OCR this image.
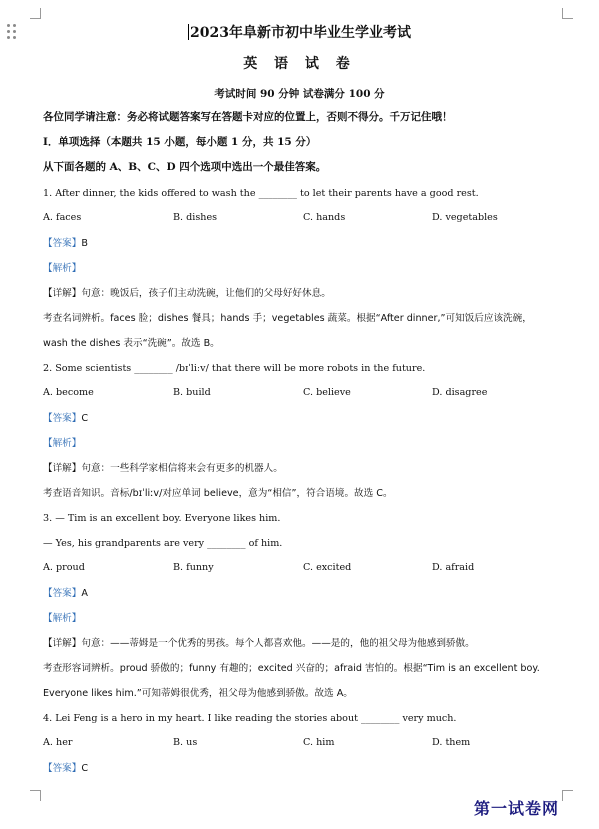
2023年阜新市初中毕业生学业考试
英 语 试 卷
考试时间 90 分钟 试卷满分 100 分
各位同学请注意：务必将试题答案写在答题卡对应的位置上，否则不得分。千万记住哦！
Ⅰ．单项选择（本题共 15 小题，每小题 1 分，共 15 分）
从下面各题的 A、B、C、D 四个选项中选出一个最佳答案。
1. After dinner, the kids offered to wash the ________ to let their parents have a good rest.
A. faces	B. dishes	C. hands	D. vegetables
【答案】B
【解析】
【详解】句意：晚饭后，孩子们主动洗碗，让他们的父母好好休息。
考查名词辨析。faces 脸；dishes 餐具；hands 手；vegetables 蔬菜。根据“After dinner,”可知饭后应该洗碗，
wash the dishes 表示“洗碗”。故选 B。
2. Some scientists ________ /bɪˈliːv/ that there will be more robots in the future.
A. become	B. build	C. believe	D. disagree
【答案】C
【解析】
【详解】句意：一些科学家相信将来会有更多的机器人。
考查语音知识。音标/bɪˈliːv/对应单词 believe，意为“相信”，符合语境。故选 C。
3. — Tim is an excellent boy. Everyone likes him.
— Yes, his grandparents are very ________ of him.
A. proud	B. funny	C. excited	D. afraid
【答案】A
【解析】
【详解】句意：——蒂姆是一个优秀的男孩。每个人都喜欢他。——是的，他的祖父母为他感到骄傲。
考查形容词辨析。proud 骄傲的；funny 有趣的；excited 兴奋的；afraid 害怕的。根据“Tim is an excellent boy.
Everyone likes him.”可知蒂姆很优秀，祖父母为他感到骄傲。故选 A。
4. Lei Feng is a hero in my heart. I like reading the stories about ________ very much.
A. her	B. us	C. him	D. them
【答案】C
第一试卷网
